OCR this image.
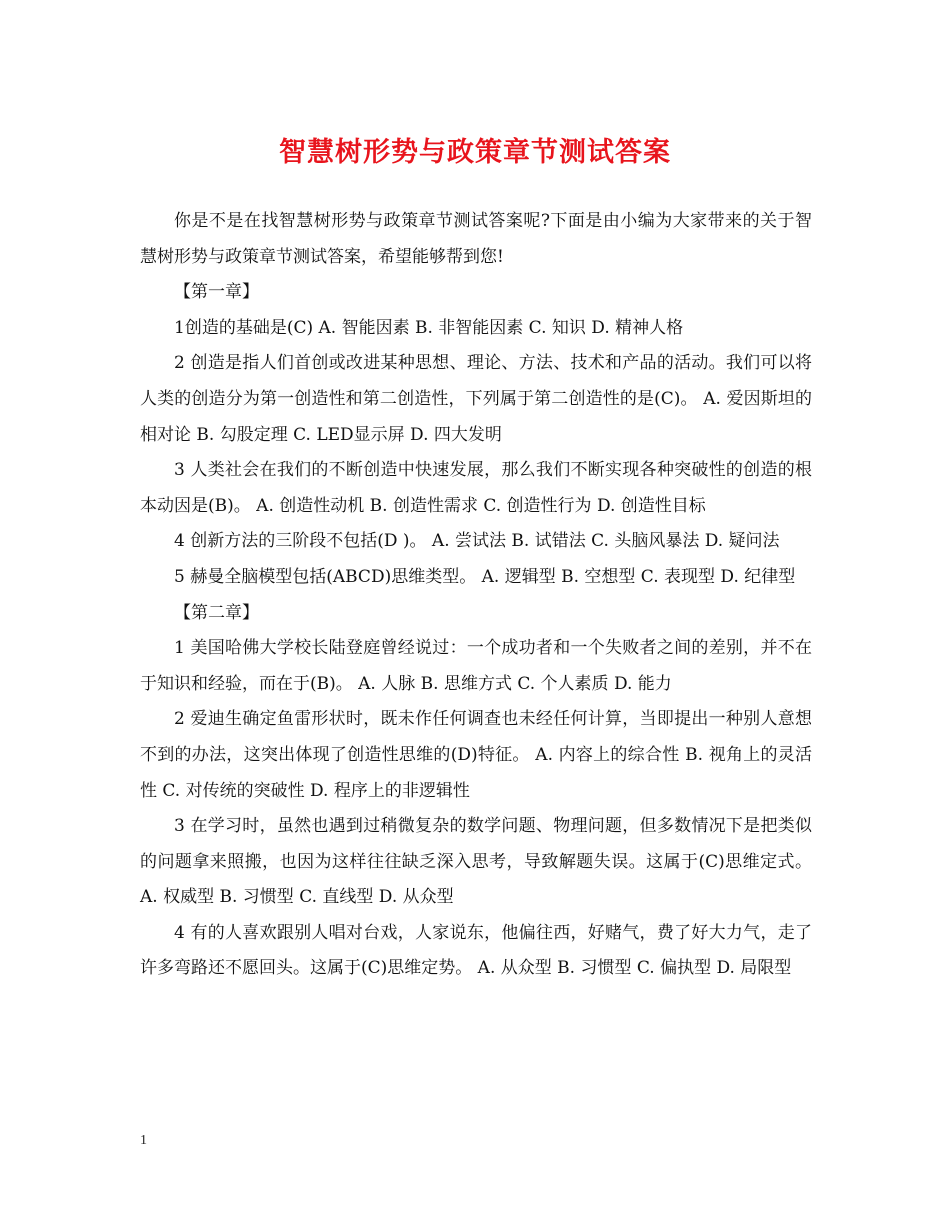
智慧树形势与政策章节测试答案

你是不是在找智慧树形势与政策章节测试答案呢?下面是由小编为大家带来的关于智慧树形势与政策章节测试答案，希望能够帮到您!

【第一章】

1创造的基础是(C) A. 智能因素 B. 非智能因素 C. 知识 D. 精神人格

2 创造是指人们首创或改进某种思想、理论、方法、技术和产品的活动。我们可以将人类的创造分为第一创造性和第二创造性，下列属于第二创造性的是(C)。 A. 爱因斯坦的相对论 B. 勾股定理 C. LED显示屏 D. 四大发明

3 人类社会在我们的不断创造中快速发展，那么我们不断实现各种突破性的创造的根本动因是(B)。 A. 创造性动机 B. 创造性需求 C. 创造性行为 D. 创造性目标

4 创新方法的三阶段不包括(D )。 A. 尝试法 B. 试错法 C. 头脑风暴法 D. 疑问法

5 赫曼全脑模型包括(ABCD)思维类型。 A. 逻辑型 B. 空想型 C. 表现型 D. 纪律型

【第二章】

1 美国哈佛大学校长陆登庭曾经说过：一个成功者和一个失败者之间的差别，并不在于知识和经验，而在于(B)。 A. 人脉 B. 思维方式 C. 个人素质 D. 能力

2 爱迪生确定鱼雷形状时，既未作任何调查也未经任何计算，当即提出一种别人意想不到的办法，这突出体现了创造性思维的(D)特征。 A. 内容上的综合性 B. 视角上的灵活性 C. 对传统的突破性 D. 程序上的非逻辑性

3 在学习时，虽然也遇到过稍微复杂的数学问题、物理问题，但多数情况下是把类似的问题拿来照搬，也因为这样往往缺乏深入思考，导致解题失误。这属于(C)思维定式。 A. 权威型 B. 习惯型 C. 直线型 D. 从众型

4 有的人喜欢跟别人唱对台戏，人家说东，他偏往西，好赌气，费了好大力气，走了许多弯路还不愿回头。这属于(C)思维定势。 A. 从众型 B. 习惯型 C. 偏执型 D. 局限型

1
